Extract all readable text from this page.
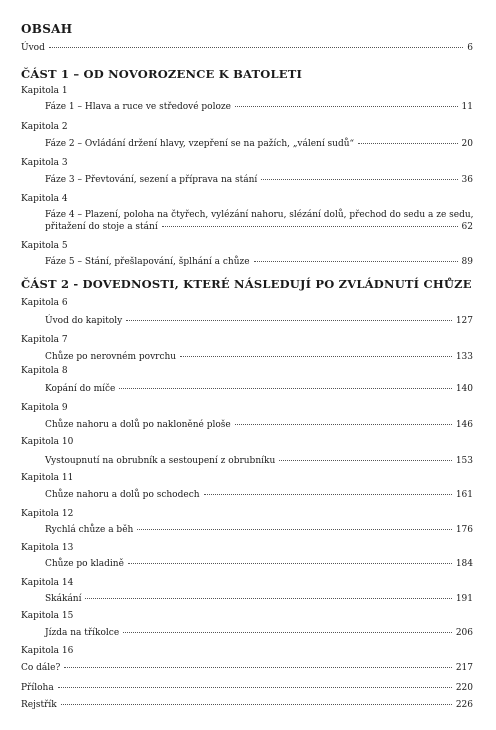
OBSAH
Úvod	6
ČÁST 1 – OD NOVOROZENCE K BATOLETI
Kapitola 1
Fáze 1 – Hlava a ruce ve středové poloze	11
Kapitola 2
Fáze 2 – Ovládání držení hlavy, vzepření se na pažích, „válení sudů“	20
Kapitola 3
Fáze 3 – Převtování, sezení a příprava na stání	36
Kapitola 4
Fáze 4 – Plazení, poloha na čtyřech, vylézání nahoru, slézání dolů, přechod do sedu a ze sedu,
přitažení do stoje a stání	62
Kapitola 5
Fáze 5 – Stání, přešlapování, šplhání a chůze	89
ČÁST 2 - DOVEDNOSTI, KTERÉ NÁSLEDUJÍ PO ZVLÁDNUTÍ CHŮZE
Kapitola 6
Úvod do kapitoly	127
Kapitola 7
Chůze po nerovném povrchu	133
Kapitola 8
Kopání do míče	140
Kapitola 9
Chůze nahoru a dolů po nakloněné ploše	146
Kapitola 10
Vystoupnutí na obrubník a sestoupení z obrubníku	153
Kapitola 11
Chůze nahoru a dolů po schodech	161
Kapitola 12
Rychlá chůze a běh	176
Kapitola 13
Chůze po kladině	184
Kapitola 14
Skákání	191
Kapitola 15
Jízda na tříkolce	206
Kapitola 16
Co dále?	217
Příloha	220
Rejstřík	226
